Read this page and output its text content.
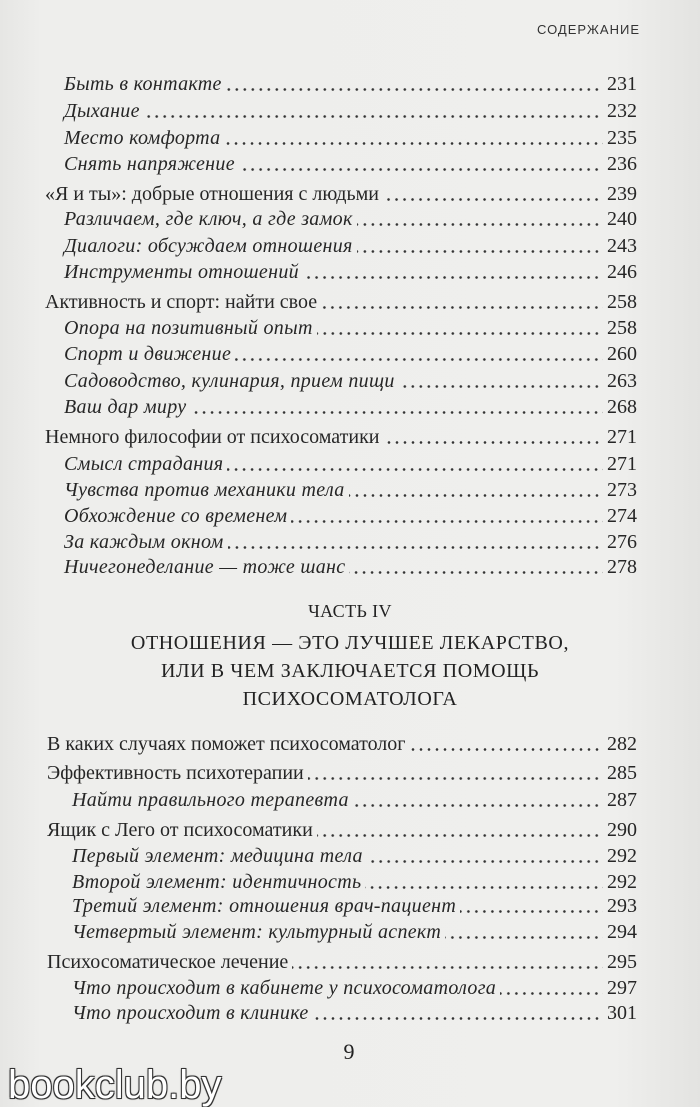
СОДЕРЖАНИЕ
Быть в контакте	231
Дыхание	232
Место комфорта	235
Снять напряжение	236
«Я и ты»: добрые отношения с людьми	239
Различаем, где ключ, а где замок	240
Диалоги: обсуждаем отношения	243
Инструменты отношений	246
Активность и спорт: найти свое	258
Опора на позитивный опыт	258
Спорт и движение	260
Садоводство, кулинария, прием пищи	263
Ваш дар миру	268
Немного философии от психосоматики	271
Смысл страдания	271
Чувства против механики тела	273
Обхождение со временем	274
За каждым окном	276
Ничегонеделание — тоже шанс	278
ЧАСТЬ IV
ОТНОШЕНИЯ — ЭТО ЛУЧШЕЕ ЛЕКАРСТВО,
ИЛИ В ЧЕМ ЗАКЛЮЧАЕТСЯ ПОМОЩЬ
ПСИХОСОМАТОЛОГА
В каких случаях поможет психосоматолог	282
Эффективность психотерапии	285
Найти правильного терапевта	287
Ящик с Лего от психосоматики	290
Первый элемент: медицина тела	292
Второй элемент: идентичность	292
Третий элемент: отношения врач-пациент	293
Четвертый элемент: культурный аспект	294
Психосоматическое лечение	295
Что происходит в кабинете у психосоматолога	297
Что происходит в клинике	301
9
bookclub.by
